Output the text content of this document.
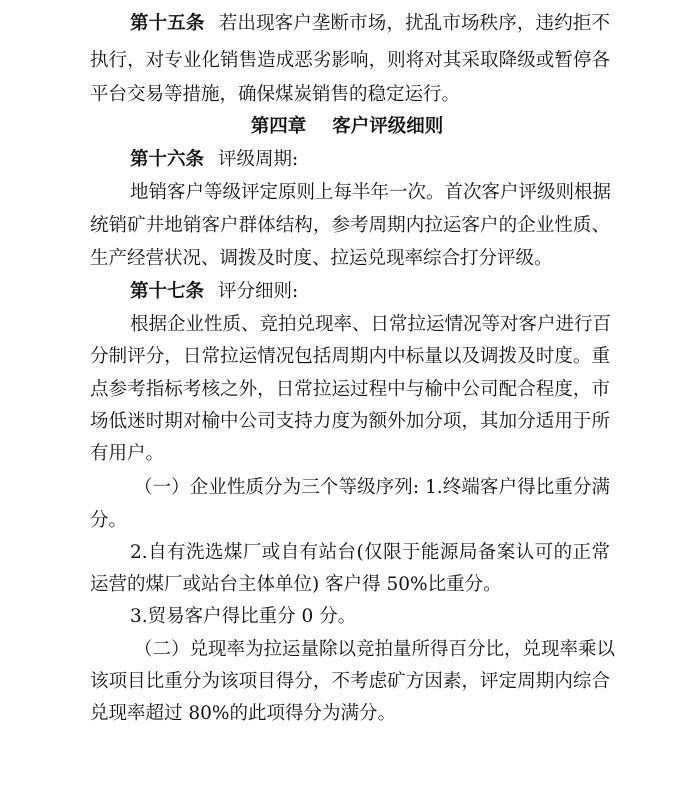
第十五条 若出现客户垄断市场，扰乱市场秩序，违约拒不
执行，对专业化销售造成恶劣影响，则将对其采取降级或暂停各
平台交易等措施，确保煤炭销售的稳定运行。
第四章 客户评级细则
第十六条 评级周期:
地销客户等级评定原则上每半年一次。首次客户评级则根据
统销矿井地销客户群体结构，参考周期内拉运客户的企业性质、
生产经营状况、调拨及时度、拉运兑现率综合打分评级。
第十七条 评分细则:
根据企业性质、竞拍兑现率、日常拉运情况等对客户进行百
分制评分，日常拉运情况包括周期内中标量以及调拨及时度。重
点参考指标考核之外，日常拉运过程中与榆中公司配合程度，市
场低迷时期对榆中公司支持力度为额外加分项，其加分适用于所
有用户。
（一）企业性质分为三个等级序列: 1.终端客户得比重分满
分。
2.自有洗选煤厂或自有站台(仅限于能源局备案认可的正常
运营的煤厂或站台主体单位) 客户得 50%比重分。
3.贸易客户得比重分 0 分。
（二）兑现率为拉运量除以竞拍量所得百分比，兑现率乘以
该项目比重分为该项目得分，不考虑矿方因素，评定周期内综合
兑现率超过 80%的此项得分为满分。
